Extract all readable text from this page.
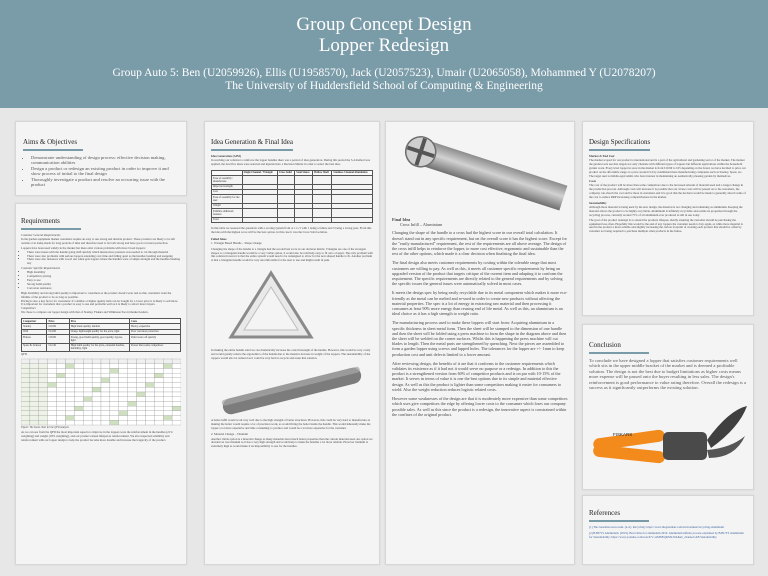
Group Concept Design
Lopper Redesign
Group Auto 5: Ben (U2059926), Ellis (U1958570), Jack (U2057523), Umair (U2065058), Mohammed Y (U2078207)
The University of Huddersfield School of Computing & Engineering
Aims & Objectives
• Demonstrate understanding of design process: effective decision making, communication abilities
• Design a product or redesign an existing product in order to improve it and show process of initial to the final design
• Thoroughly investigate a product and resolve an occurring issue with the product
Requirements
Customer General Requirements
In the garden equipment market customers require an easy to use strong and durable product. These products are likely to be left outside or in damp sheds for long periods of time and therefore need to be both strong and have good corrosion protection.
Loppers have been used widely in the market but there exist various problems with more broad loppers:
• There were issues with the handle going shift quickly which means more pressure was needed to cut through material
• There were also problems with serious loppers extending over time and falling apart as the handles bending and snapping
• There were also instances with wood: use when gets loppers where the handles were of ample strength and the handles bending any
Customer Specific Requirements
• High durability
• Competitive pricing
• Easy to use
• Strong build quality
• Corrosion resistance
High durability and strong build quality is important to customers as the product doesn't wear and as this, customers want the lifetime of the product to be as long as possible.
Pricing is also a key factor for customers: if a similar or higher quality item can be bought for a lower price it is likely to sell more.
It is important for customers that a product is easy to use and performs well as it is likely to attract more buyers.
Competitors
We chose to compare our lopper design with that of Stanley, Fiskars and Wilkinson Sword market leaders.
Competitor	Price	Pros	Cons
Stanley	£10.99	High blade quality, durable	Heavy, expensive
Wolf	£14.99	Cheap, lightweight quality for the price, light	Poor corrosion protection
Fiskars	£18.99	Strong, good build quality, good quality, bypass, light	Paint wears off quickly
Spear & Jackson	£12.49	High build quality for the price, extended handles, durability, light	Poorer than some competitors
QFD
Figure: The house chart for the QFD analysis
As we can see from the QFD the most important aspects to improve in the loppers were the reinforcement in the handles (21% weighting) and weight (18% weighting), and our product extend lifespan is reinforcement. We also inspected reliability and reinforcement with our lopper design to help the product become more durable and increase the longevity of the product.
Idea Generation & Final Idea
Idea Generation (AIM)
In reaching our solution to reinforce the lopper handles there was a period of idea generation. During this period the 3-4 method was applied, the best five ideas were selected and inputted into a Decision Matrix in order to select the best idea.
	Single Channel / Triangle	Cross Solid	Steel Sleeve	Hollow Shell	Stainless Channel Aluminium
Ease of assembly / manufacture					
Improved strength					
Cost					
Ease of assembly for the user					
Weight					
Exhibits additional features					
Total					
In this table we assessed the questions with a scoring system from ot 1 to 5 with 1 being a failure and 5 being a strong pass. From this the idea with the highest score will be the best option, in this case it was the Cross Solid solution.
Failed Ideas
1. Triangle Based Handle – Shape Change
Changing the shape of the handle to a triangle had the second best score in our decision matrix. Triangles are one of the strongest shapes so a triangular handle would be a very viable option, it would also be relatively easy to fit onto a lopper. The only problem with this solution however is that the entire system would need to be redesigned to allow for the new shaped handle to fit. Another problem is that a triangular handle would be very uncomfortable for the user to use and might result in pain.
In making the entire handle solid we can dramatically increase the overall strength of the handle. However, this would be very costly and would greatly reduce the ergonomics of the handle due to the massive increase in weight of the loppers. The sustainability of the loppers would also be reduced as it could be very hard to recycle and reuse this solution.
A better infill would work very well due to the high strength of better structures. However, this could be very hard to manufacture as making the better would require a lot of precision work, as would fitting the better inside the handle. This would inherently make the lopper a lot more expensive and time consuming to produce and would be a lot more expensive for the customer.
2. Material Change – Titanium
Another viable option is a material change as many materials have much better properties than the current material used. An option we decided on was titanium as it has a very high strength and would help to make the handles a lot more reliable. However titanium is extremely high as would make it an impossibility to use for the handles.
Final Idea
Cross Infill – Aluminium
Changing the shape of the handle to a cross had the highest score in our overall total calculation. It doesn't stand out in any specific requirement, but on the overall score it has the highest score. Except for the "easily manufactured" requirement, the rest of the requirements are all above average. The design of the cross infill helps to reinforce the lopper, to more cost effective, ergonomic and sustainable than the rest of the other options, which made it a clear decision when finalising the final idea.
The final design also meets customer requirements by costing within the tolerable range that most customers are willing to pay. As well as this, it meets all customer specific requirements by being an upgraded version of the product that targets critique of the current item and adapting it to conform the requirement. The specific requirements are directly related to the general requirements and by solving the specific issues the general issues were automatically solved in most cases.
It meets the design spec by being easily recyclable due to its metal component which makes it more eco-friendly as the metal can be melted and re-used in order to create new products without affecting the material properties. The spec is a lot of energy in extracting raw material and then processing it consumes at least 90% more energy than reusing end of life metal. As well as this, an aluminium is an ideal choice as it has a high strength to weight ratio.
The manufacturing process used to make these loppers will start from: Acquiring aluminium in a specific thickness in sheet metal form. Then the sheet will be stamped to the dimension of one handle and then the sheet will be folded using a press machine to form the shape in the diagram above and then the sheet will be welded on the corner surfaces. Whilst this is happening the press machine will cut blades to length. Then the metal parts are strengthened by quenching. Next the pieces are assembled to form a garden lopper using screws and lapped holes. The tolerances for the lopper are +/- 1mm to keep production cost and unit defects limited to a lower amount.
After reviewing design, the benefits of it are that it conforms to the customer requirements which validates its existence as if it had not it would serve no purpose or a redesign. In addition to this the product is a strengthened version from 60% of competitor products and is on par with 10-15% of the market. It serves in terms of value it is one the best options due to its simple and material effective design. As well as this the product is lighter than some competitors making it easier for consumers to wield. Also the weight reduction reduces logistic related costs.
However some weaknesses of the design are that it is moderately more expensive than some competitors which uses give competitors the edge by offering lower costs to the consumer which loses our company possible sales. As well as this since the product is a redesign, the innovative aspect is constrained within the confines of the original product.
Design Specifications
Market & End User
The market scoped for our product is international and is a part of the agricultural and gardening sector of the market. The market the garden tools use that targets not only clientele with different types of loppers but different applications within the household garden work. Every level lopper in store in the market is from £10.99 to £25 depending on the brand, we have decided to price our product on the affordable range at a price around £14 by established mass manufacturing companies such as Stanley, Spear, etc. The target user is middle-aged adults who have interest in maintaining an aesthetically pleasing garden by themselves.
Costs
The cost of the product will be more than some competitors due to the increased amount of material used and a longer change in the production process. Although costs will increase it is possible that our 4 base costs will be passed on to the customers, the company can absorb the cost and be more in customers and it is good that the decision would be made to generally absorb some of the cost to reduce RRP increasing competitiveness in the market.
Sustainability
Although more material is being used by the new design, the material is not changing and remaining as aluminium. Keeping the material allows the product to be highly recyclable. Aluminium is infinitely recyclable and retains its properties through the recycling process, currently around 75% of all aluminium ever produced is still in use today.
The goal of the product redesign is to extend the products lifespan, ideally ensuring the customer should be purchasing the equipment less often. Hopefully this would be the end of any loppers the customer needs to buy again, as while more material is used in the product a more reliable and slightly increasing the carbon footprint of creating each product this should be offset by customer not being required to purchase multiple other products in the future.
Conclusion
To conclude we have designed a lopper that satisfies customer requirements well which sits in the upper middle bracket of the market and is deemed a profitable solution. The design is not the best due to budget limitations as higher costs means more expense will be passed onto the buyer resulting in less sales. The design's reinforcement is good performance to value rating therefore. Overall the redesign is a success as it significantly outperforms the existing solution.
FISKARS
References
[1] The Guardian news team. (n.d.). Recycling: https://www.theguardian.com/environment/recycling-aluminium
[2] B.BUYS Aluminium. (2019). Best tables for aluminium 2019. Aluminium infinite process explained by B.BUYS Aluminium for Sustainability: https://www.youtube.com/watch?v=AMNEQRSZLWA&ab_channel=AB Sustainability
